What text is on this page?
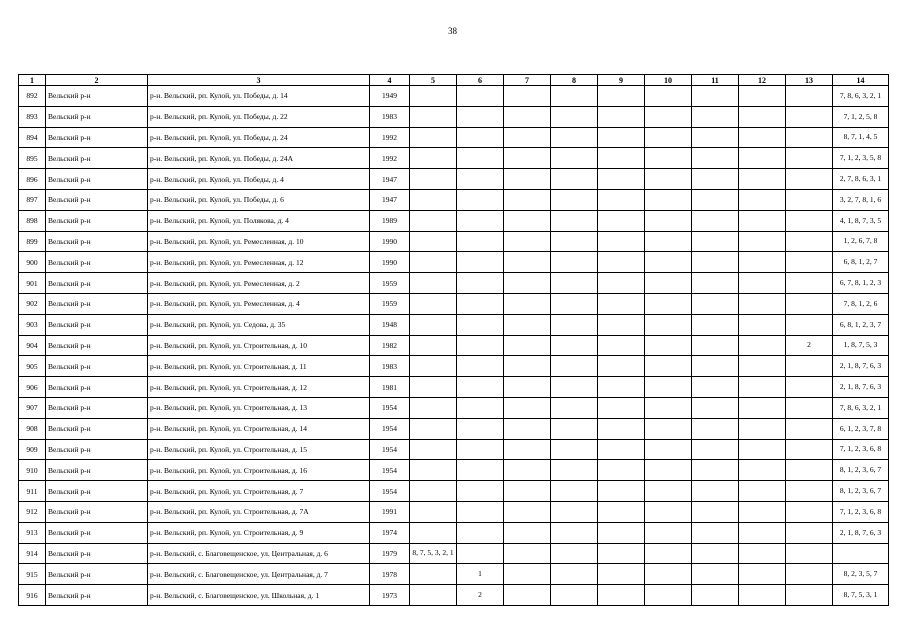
38
1	2	3	4	5	6	7	8	9	10	11	12	13	14
892	Вельский р-н	р-н. Вельский, рп. Кулой, ул. Победы, д. 14	1949										7, 8, 6, 3, 2, 1
893	Вельский р-н	р-н. Вельский, рп. Кулой, ул. Победы, д. 22	1983										7, 1, 2, 5, 8
894	Вельский р-н	р-н. Вельский, рп. Кулой, ул. Победы, д. 24	1992										8, 7, 1, 4, 5
895	Вельский р-н	р-н. Вельский, рп. Кулой, ул. Победы, д. 24А	1992										7, 1, 2, 3, 5, 8
896	Вельский р-н	р-н. Вельский, рп. Кулой, ул. Победы, д. 4	1947										2, 7, 8, 6, 3, 1
897	Вельский р-н	р-н. Вельский, рп. Кулой, ул. Победы, д. 6	1947										3, 2, 7, 8, 1, 6
898	Вельский р-н	р-н. Вельский, рп. Кулой, ул. Полякова, д. 4	1989										4, 1, 8, 7, 3, 5
899	Вельский р-н	р-н. Вельский, рп. Кулой, ул. Ремесленная, д. 10	1990										1, 2, 6, 7, 8
900	Вельский р-н	р-н. Вельский, рп. Кулой, ул. Ремесленная, д. 12	1990										6, 8, 1, 2, 7
901	Вельский р-н	р-н. Вельский, рп. Кулой, ул. Ремесленная, д. 2	1959										6, 7, 8, 1, 2, 3
902	Вельский р-н	р-н. Вельский, рп. Кулой, ул. Ремесленная, д. 4	1959										7, 8, 1, 2, 6
903	Вельский р-н	р-н. Вельский, рп. Кулой, ул. Седова, д. 35	1948										6, 8, 1, 2, 3, 7
904	Вельский р-н	р-н. Вельский, рп. Кулой, ул. Строительная, д. 10	1982									2	1, 8, 7, 5, 3
905	Вельский р-н	р-н. Вельский, рп. Кулой, ул. Строительная, д. 11	1983										2, 1, 8, 7, 6, 3
906	Вельский р-н	р-н. Вельский, рп. Кулой, ул. Строительная, д. 12	1981										2, 1, 8, 7, 6, 3
907	Вельский р-н	р-н. Вельский, рп. Кулой, ул. Строительная, д. 13	1954										7, 8, 6, 3, 2, 1
908	Вельский р-н	р-н. Вельский, рп. Кулой, ул. Строительная, д. 14	1954										6, 1, 2, 3, 7, 8
909	Вельский р-н	р-н. Вельский, рп. Кулой, ул. Строительная, д. 15	1954										7, 1, 2, 3, 6, 8
910	Вельский р-н	р-н. Вельский, рп. Кулой, ул. Строительная, д. 16	1954										8, 1, 2, 3, 6, 7
911	Вельский р-н	р-н. Вельский, рп. Кулой, ул. Строительная, д. 7	1954										8, 1, 2, 3, 6, 7
912	Вельский р-н	р-н. Вельский, рп. Кулой, ул. Строительная, д. 7А	1991										7, 1, 2, 3, 6, 8
913	Вельский р-н	р-н. Вельский, рп. Кулой, ул. Строительная, д. 9	1974										2, 1, 8, 7, 6, 3
914	Вельский р-н	р-н. Вельский, с. Благовещенское, ул. Центральная, д. 6	1979	8, 7, 5, 3, 2, 1									
915	Вельский р-н	р-н. Вельский, с. Благовещенское, ул. Центральная, д. 7	1978		1								8, 2, 3, 5, 7
916	Вельский р-н	р-н. Вельский, с. Благовещенское, ул. Школьная, д. 1	1973		2								8, 7, 5, 3, 1
